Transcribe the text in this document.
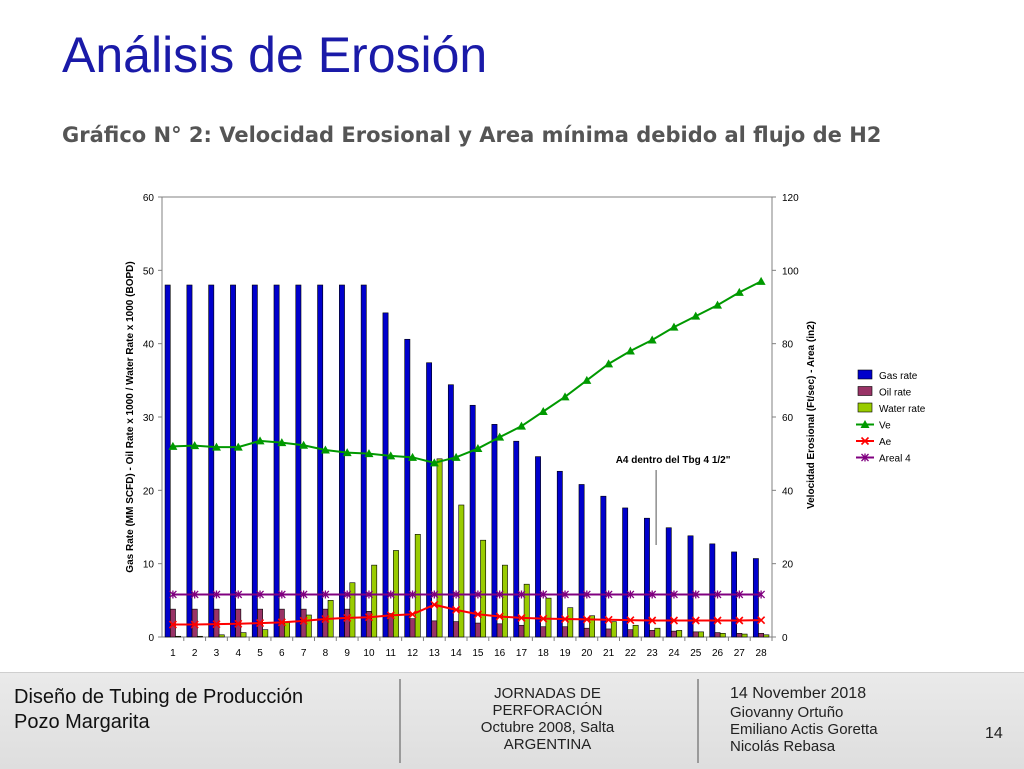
Análisis de Erosión
Gráfico N° 2: Velocidad Erosional y Area mínima debido al flujo de H2
0
10
20
30
40
50
60
0
20
40
60
80
100
120
1 2 3 4 5 6 7 8 9 10 11 12 13 14 15 16 17 18 19 20 21 22 23 24 25 26 27 28
A4 dentro del Tbg 4 1/2"
Gas Rate (MM SCFD) - Oil Rate x 1000 / Water Rate x 1000 (BOPD)	Velocidad Erosional (Ft/sec) - Area (in2)	Gas rate
Oil rate
Water rate
Ve
Ae
Areal 4
Diseño de Tubing de Producción
Pozo Margarita
JORNADAS DE PERFORACIÓN
Octubre 2008, Salta ARGENTINA
14 November 2018
Giovanny Ortuño
Emiliano Actis Goretta
Nicolás Rebasa
14
